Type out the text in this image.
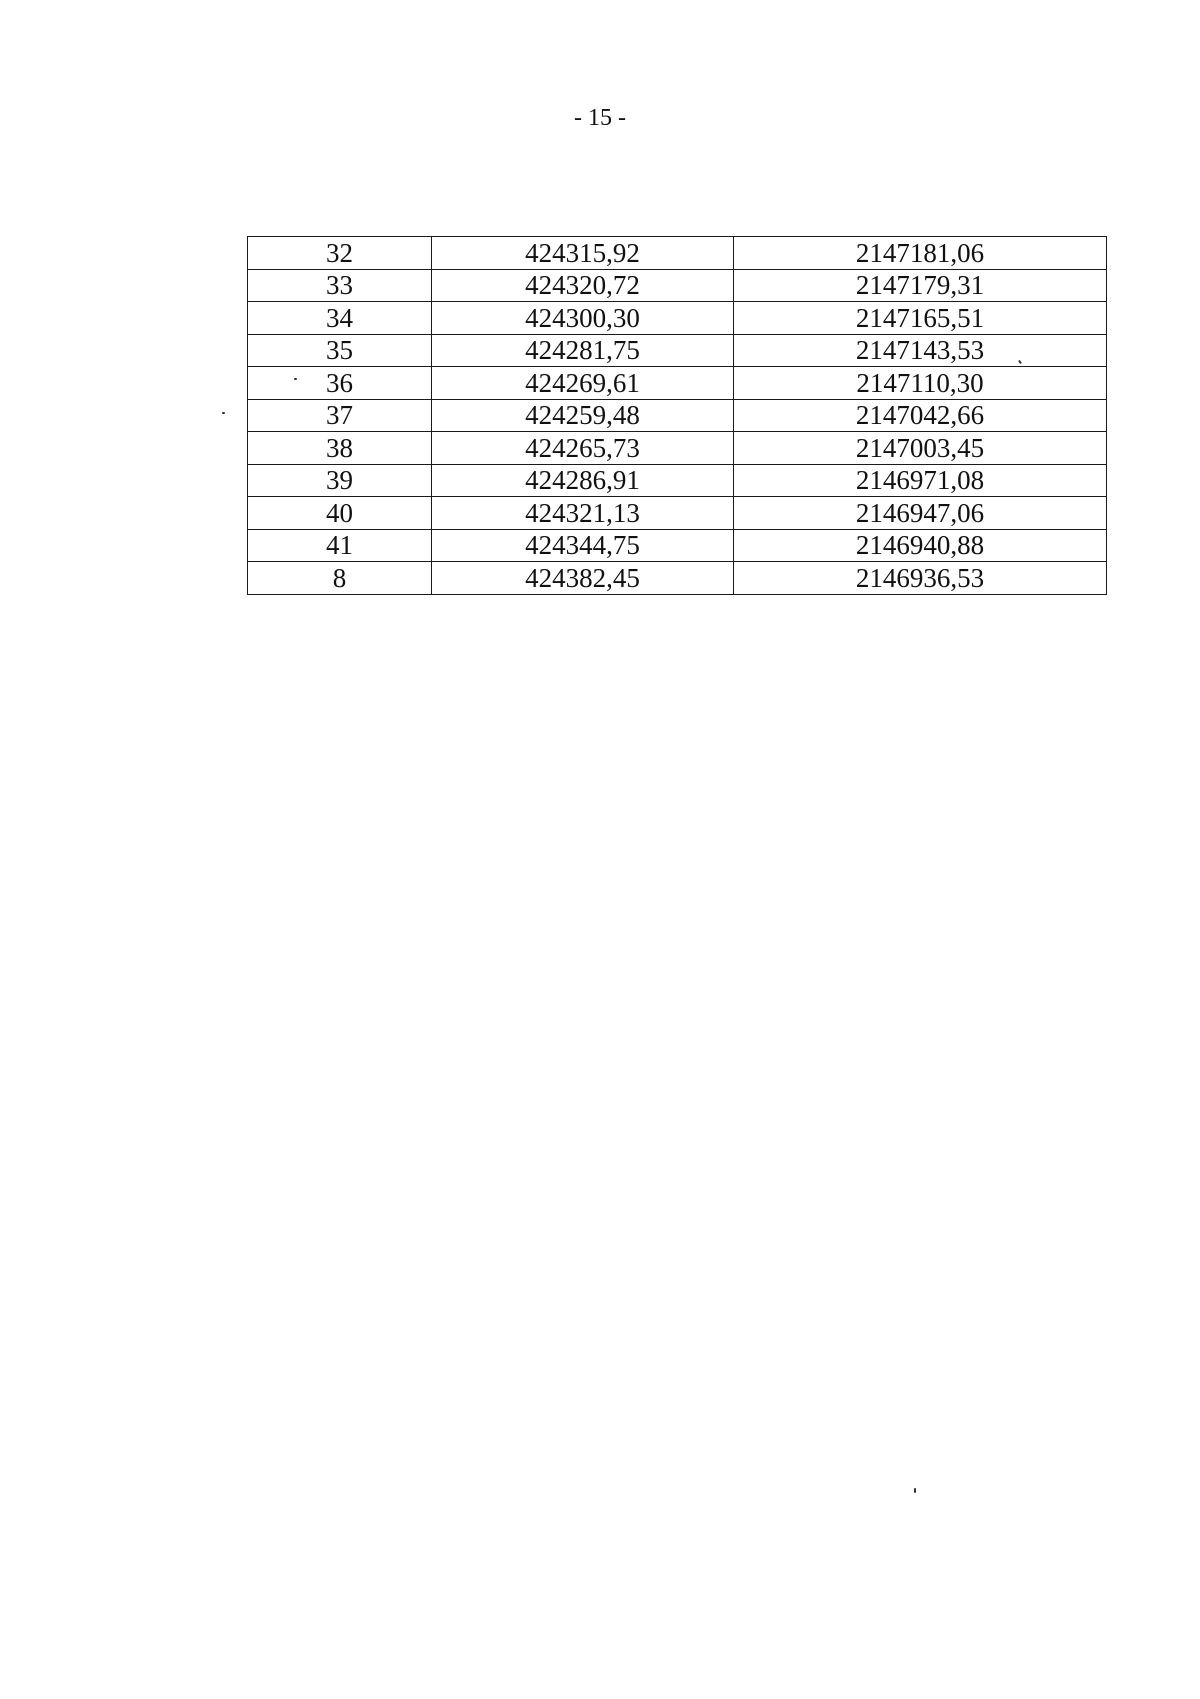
- 15 -
32	424315,92	2147181,06
33	424320,72	2147179,31
34	424300,30	2147165,51
35	424281,75	2147143,53
36	424269,61	2147110,30
37	424259,48	2147042,66
38	424265,73	2147003,45
39	424286,91	2146971,08
40	424321,13	2146947,06
41	424344,75	2146940,88
8	424382,45	2146936,53
